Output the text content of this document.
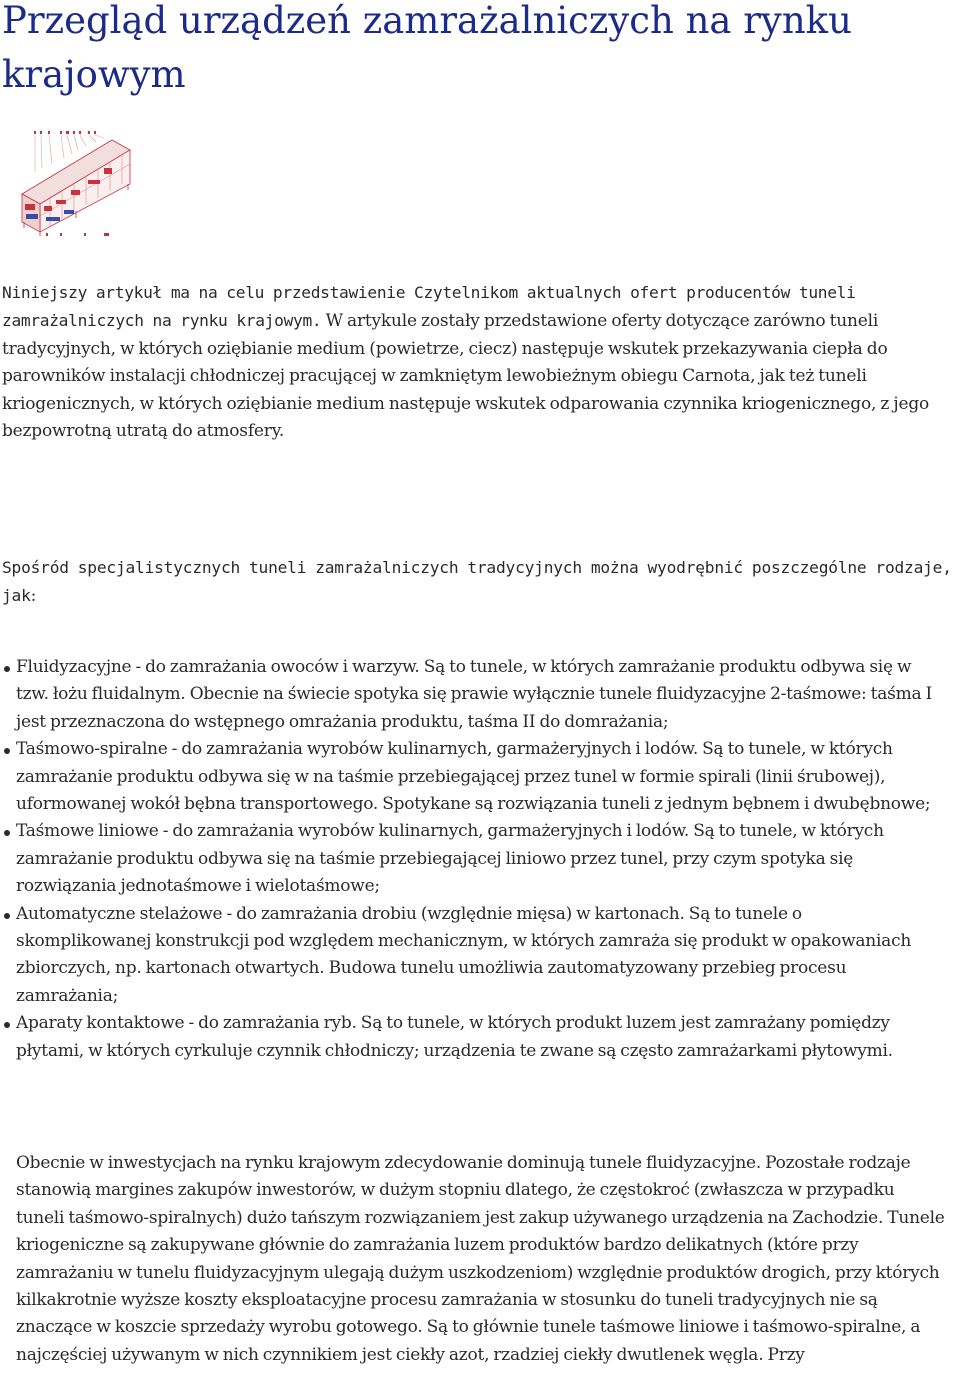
Przegląd urządzeń zamrażalniczych na rynku krajowym

Niniejszy artykuł ma na celu przedstawienie Czytelnikom aktualnych ofert producentów tuneli zamrażalniczych na rynku krajowym. W artykule zostały przedstawione oferty dotyczące zarówno tuneli tradycyjnych, w których oziębianie medium (powietrze, ciecz) następuje wskutek przekazywania ciepła do parowników instalacji chłodniczej pracującej w zamkniętym lewobieżnym obiegu Carnota, jak też tuneli kriogenicznych, w których oziębianie medium następuje wskutek odparowania czynnika kriogenicznego, z jego bezpowrotną utratą do atmosfery.

Spośród specjalistycznych tuneli zamrażalniczych tradycyjnych można wyodrębnić poszczególne rodzaje, jak:

Fluidyzacyjne - do zamrażania owoców i warzyw. Są to tunele, w których zamrażanie produktu odbywa się w tzw. łożu fluidalnym. Obecnie na świecie spotyka się prawie wyłącznie tunele fluidyzacyjne 2-taśmowe: taśma I jest przeznaczona do wstępnego omrażania produktu, taśma II do domrażania;
Taśmowo-spiralne - do zamrażania wyrobów kulinarnych, garmażeryjnych i lodów. Są to tunele, w których zamrażanie produktu odbywa się w na taśmie przebiegającej przez tunel w formie spirali (linii śrubowej), uformowanej wokół bębna transportowego. Spotykane są rozwiązania tuneli z jednym bębnem i dwubębnowe;
Taśmowe liniowe - do zamrażania wyrobów kulinarnych, garmażeryjnych i lodów. Są to tunele, w których zamrażanie produktu odbywa się na taśmie przebiegającej liniowo przez tunel, przy czym spotyka się rozwiązania jednotaśmowe i wielotaśmowe;
Automatyczne stelażowe - do zamrażania drobiu (względnie mięsa) w kartonach. Są to tunele o skomplikowanej konstrukcji pod względem mechanicznym, w których zamraża się produkt w opakowaniach zbiorczych, np. kartonach otwartych. Budowa tunelu umożliwia zautomatyzowany przebieg procesu zamrażania;
Aparaty kontaktowe - do zamrażania ryb. Są to tunele, w których produkt luzem jest zamrażany pomiędzy płytami, w których cyrkuluje czynnik chłodniczy; urządzenia te zwane są często zamrażarkami płytowymi.

Obecnie w inwestycjach na rynku krajowym zdecydowanie dominują tunele fluidyzacyjne. Pozostałe rodzaje stanowią margines zakupów inwestorów, w dużym stopniu dlatego, że częstokroć (zwłaszcza w przypadku tuneli taśmowo-spiralnych) dużo tańszym rozwiązaniem jest zakup używanego urządzenia na Zachodzie. Tunele kriogeniczne są zakupywane głównie do zamrażania luzem produktów bardzo delikatnych (które przy zamrażaniu w tunelu fluidyzacyjnym ulegają dużym uszkodzeniom) względnie produktów drogich, przy których kilkakrotnie wyższe koszty eksploatacyjne procesu zamrażania w stosunku do tuneli tradycyjnych nie są znaczące w koszcie sprzedaży wyrobu gotowego. Są to głównie tunele taśmowe liniowe i taśmowo-spiralne, a najczęściej używanym w nich czynnikiem jest ciekły azot, rzadziej ciekły dwutlenek węgla. Przy
